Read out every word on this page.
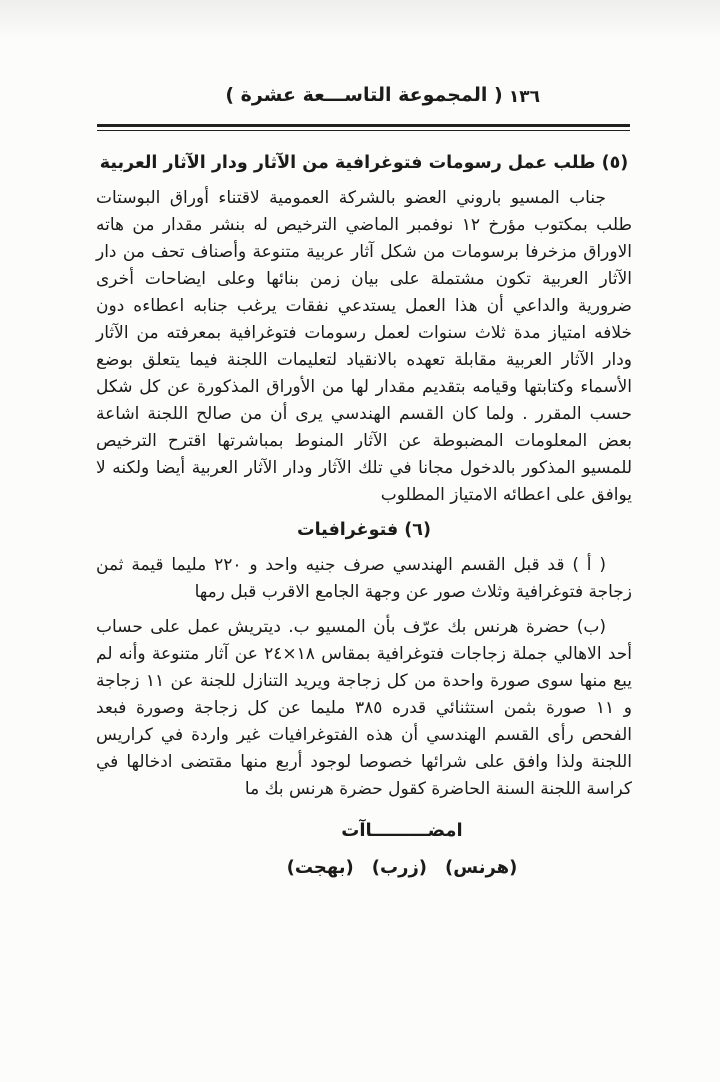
( المجموعة التاســـعة عشرة ) ١٣٦
(٥) طلب عمل رسومات فتوغرافية من الآثار ودار الآثار العربية

جناب المسيو باروني العضو بالشركة العمومية لاقتناء أوراق البوستات طلب بمكتوب مؤرخ ١٢ نوفمبر الماضي الترخيص له بنشر مقدار من هاته الاوراق مزخرفا برسومات من شكل آثار عربية متنوعة وأصناف تحف من دار الآثار العربية تكون مشتملة على بيان زمن بنائها وعلى ايضاحات أخرى ضرورية والداعي أن هذا العمل يستدعي نفقات يرغب جنابه اعطاءه دون خلافه امتياز مدة ثلاث سنوات لعمل رسومات فتوغرافية بمعرفته من الآثار ودار الآثار العربية مقابلة تعهده بالانقياد لتعليمات اللجنة فيما يتعلق بوضع الأسماء وكتابتها وقيامه بتقديم مقدار لها من الأوراق المذكورة عن كل شكل حسب المقرر . ولما كان القسم الهندسي يرى أن من صالح اللجنة اشاعة بعض المعلومات المضبوطة عن الآثار المنوط بمباشرتها اقترح الترخيص للمسيو المذكور بالدخول مجانا في تلك الآثار ودار الآثار العربية أيضا ولكنه لا يوافق على اعطائه الامتياز المطلوب

(٦) فتوغرافيات

( أ ) قد قبل القسم الهندسي صرف جنيه واحد و ٢٢٠ مليما قيمة ثمن زجاجة فتوغرافية وثلاث صور عن وجهة الجامع الاقرب قبل رمها

(ب) حضرة هرنس بك عرّف بأن المسيو ب. ديتريش عمل على حساب أحد الاهالي جملة زجاجات فتوغرافية بمقاس ١٨×٢٤ عن آثار متنوعة وأنه لم يبع منها سوى صورة واحدة من كل زجاجة ويريد التنازل للجنة عن ١١ زجاجة و ١١ صورة بثمن استثنائي قدره ٣٨٥ مليما عن كل زجاجة وصورة فبعد الفحص رأى القسم الهندسي أن هذه الفتوغرافيات غير واردة في كراريس اللجنة ولذا وافق على شرائها خصوصا لوجود أربع منها مقتضى ادخالها في كراسة اللجنة السنة الحاضرة كقول حضرة هرنس بك ما

امضـــــــــاآت
(هرنس)
(زرب)
(بهجت)
